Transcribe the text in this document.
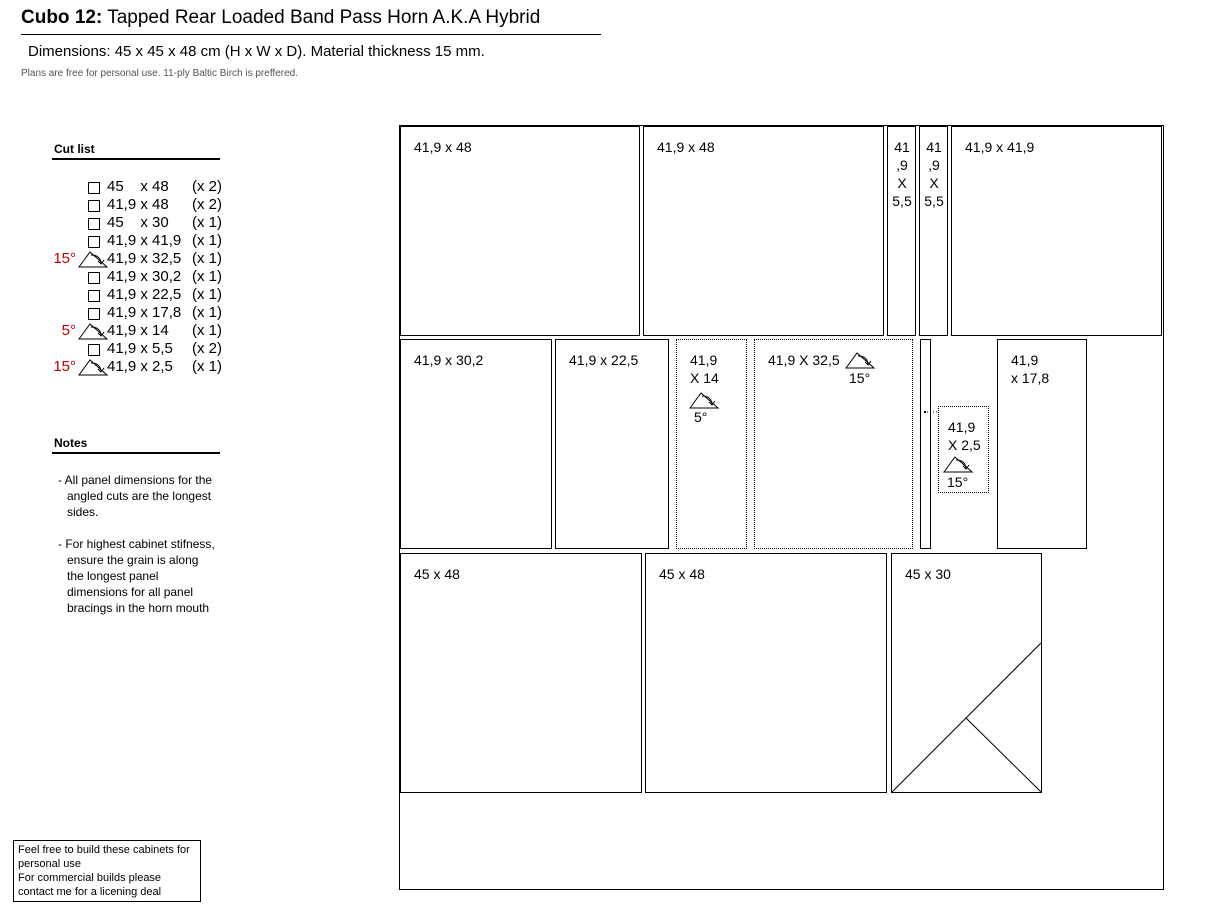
Cubo 12: Tapped Rear Loaded Band Pass Horn A.K.A Hybrid
Dimensions: 45 x 45 x 48 cm (H x W x D). Material thickness 15 mm.
Plans are free for personal use. 11-ply Baltic Birch is preffered.
Cut list
45    x 48 (x 2)
41,9 x 48 (x 2)
45    x 30 (x 1)
41,9 x 41,9 (x 1)
15° 41,9 x 32,5 (x 1)
41,9 x 30,2 (x 1)
41,9 x 22,5 (x 1)
41,9 x 17,8 (x 1)
5° 41,9 x 14 (x 1)
41,9 x 5,5 (x 2)
15° 41,9 x 2,5 (x 1)
Notes
- All panel dimensions for the angled cuts are the longest sides.
- For highest cabinet stifness, ensure the grain is along the longest panel dimensions for all panel bracings in the horn mouth
Feel free to build these cabinets for personal use
For commercial builds please contact me for a licening deal
41,9 x 48	41,9 x 48	41
,9
X
5,5
41
,9
X
5,5
41,9 x 41,9
41,9 x 30,2	41,9 x 22,5	41,9
X 14
5°
41,9 X 32,5
15°
41,9
X 2,5
15°
41,9
x 17,8
45 x 48	45 x 48	45 x 30
